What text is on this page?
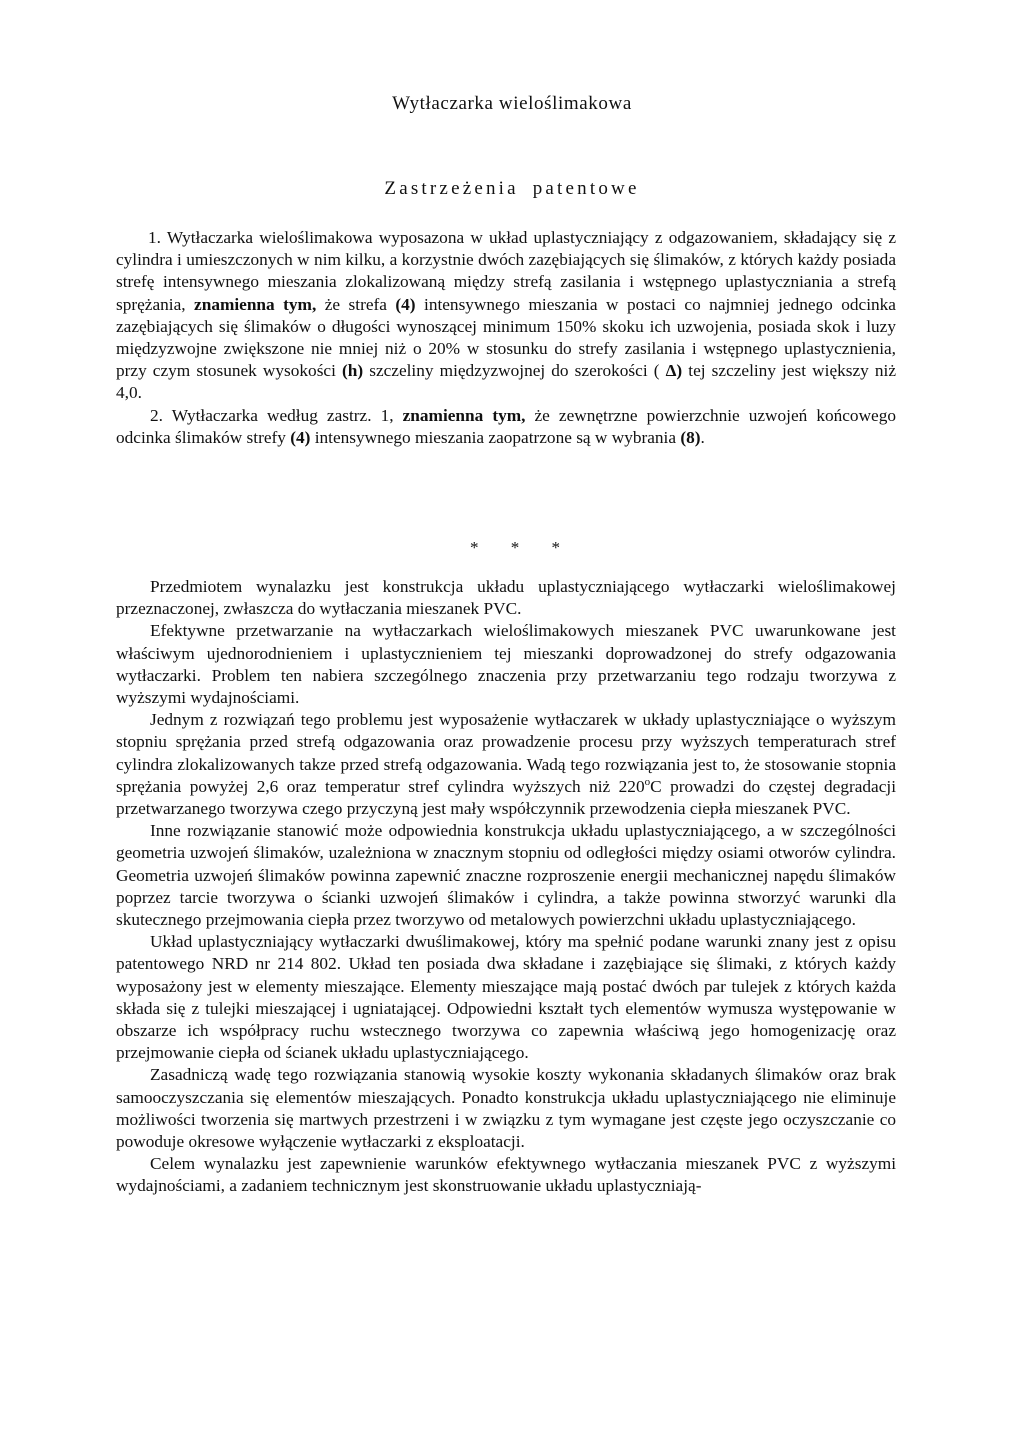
Wytłaczarka wieloślimakowa
Zastrzeżenia patentowe

1. Wytłaczarka wieloślimakowa wyposazona w układ uplastyczniający z odgazowaniem, składający się z cylindra i umieszczonych w nim kilku, a korzystnie dwóch zazębiających się ślimaków, z których każdy posiada strefę intensywnego mieszania zlokalizowaną między strefą zasilania i wstępnego uplastyczniania a strefą sprężania, znamienna tym, że strefa (4) intensywnego mieszania w postaci co najmniej jednego odcinka zazębiających się ślimaków o długości wynoszącej minimum 150% skoku ich uzwojenia, posiada skok i luzy międzyzwojne zwiększone nie mniej niż o 20% w stosunku do strefy zasilania i wstępnego uplastycznienia, przy czym stosunek wysokości (h) szczeliny międzyzwojnej do szerokości ( Δ) tej szczeliny jest większy niż 4,0.

2. Wytłaczarka według zastrz. 1, znamienna tym, że zewnętrzne powierzchnie uzwojeń końcowego odcinka ślimaków strefy (4) intensywnego mieszania zaopatrzone są w wybrania (8).

* * *

Przedmiotem wynalazku jest konstrukcja układu uplastyczniającego wytłaczarki wieloślimakowej przeznaczonej, zwłaszcza do wytłaczania mieszanek PVC.

Efektywne przetwarzanie na wytłaczarkach wieloślimakowych mieszanek PVC uwarunkowane jest właściwym ujednorodnieniem i uplastycznieniem tej mieszanki doprowadzonej do strefy odgazowania wytłaczarki. Problem ten nabiera szczególnego znaczenia przy przetwarzaniu tego rodzaju tworzywa z wyższymi wydajnościami.

Jednym z rozwiązań tego problemu jest wyposażenie wytłaczarek w układy uplastyczniające o wyższym stopniu sprężania przed strefą odgazowania oraz prowadzenie procesu przy wyższych temperaturach stref cylindra zlokalizowanych takze przed strefą odgazowania. Wadą tego rozwiązania jest to, że stosowanie stopnia sprężania powyżej 2,6 oraz temperatur stref cylindra wyższych niż 220$^o$C prowadzi do częstej degradacji przetwarzanego tworzywa czego przyczyną jest mały współczynnik przewodzenia ciepła mieszanek PVC.

Inne rozwiązanie stanowić może odpowiednia konstrukcja układu uplastyczniającego, a w szczególności geometria uzwojeń ślimaków, uzależniona w znacznym stopniu od odległości między osiami otworów cylindra. Geometria uzwojeń ślimaków powinna zapewnić znaczne rozproszenie energii mechanicznej napędu ślimaków poprzez tarcie tworzywa o ścianki uzwojeń ślimaków i cylindra, a także powinna stworzyć warunki dla skutecznego przejmowania ciepła przez tworzywo od metalowych powierzchni układu uplastyczniającego.

Układ uplastyczniający wytłaczarki dwuślimakowej, który ma spełnić podane warunki znany jest z opisu patentowego NRD nr 214 802. Układ ten posiada dwa składane i zazębiające się ślimaki, z których każdy wyposażony jest w elementy mieszające. Elementy mieszające mają postać dwóch par tulejek z których każda składa się z tulejki mieszającej i ugniatającej. Odpowiedni kształt tych elementów wymusza występowanie w obszarze ich współpracy ruchu wstecznego tworzywa co zapewnia właściwą jego homogenizację oraz przejmowanie ciepła od ścianek układu uplastyczniającego.

Zasadniczą wadę tego rozwiązania stanowią wysokie koszty wykonania składanych ślimaków oraz brak samooczyszczania się elementów mieszających. Ponadto konstrukcja układu uplastyczniającego nie eliminuje możliwości tworzenia się martwych przestrzeni i w związku z tym wymagane jest częste jego oczyszczanie co powoduje okresowe wyłączenie wytłaczarki z eksploatacji.

Celem wynalazku jest zapewnienie warunków efektywnego wytłaczania mieszanek PVC z wyższymi wydajnościami, a zadaniem technicznym jest skonstruowanie układu uplastyczniają-
